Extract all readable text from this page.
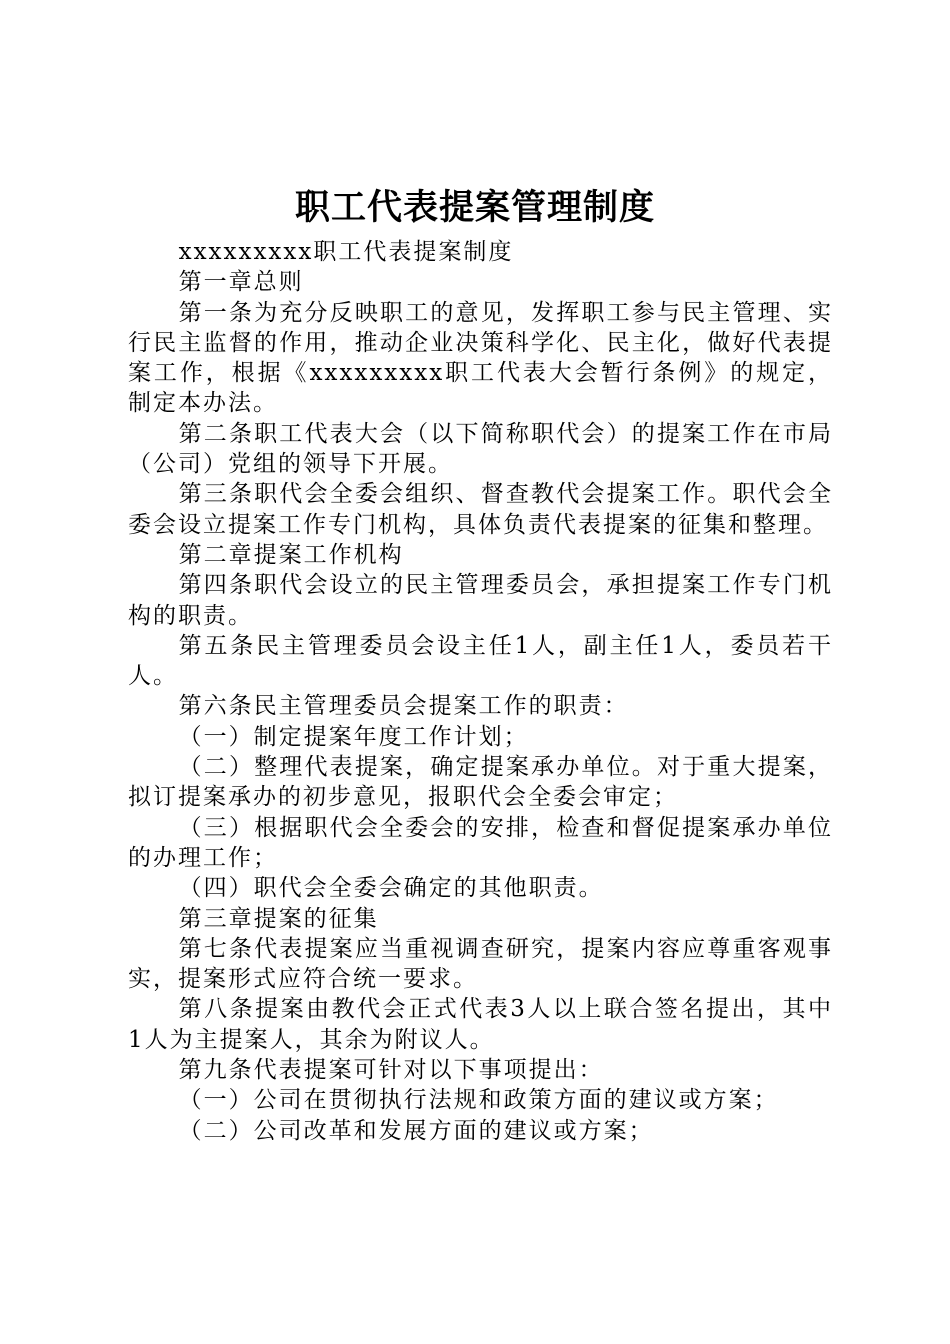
职工代表提案管理制度

xxxxxxxxx职工代表提案制度

第一章总则

第一条为充分反映职工的意见，发挥职工参与民主管理、实行民主监督的作用，推动企业决策科学化、民主化，做好代表提案工作，根据《xxxxxxxxx职工代表大会暂行条例》的规定，制定本办法。

第二条职工代表大会（以下简称职代会）的提案工作在市局（公司）党组的领导下开展。

第三条职代会全委会组织、督查教代会提案工作。职代会全委会设立提案工作专门机构，具体负责代表提案的征集和整理。

第二章提案工作机构

第四条职代会设立的民主管理委员会，承担提案工作专门机构的职责。

第五条民主管理委员会设主任1人，副主任1人，委员若干人。

第六条民主管理委员会提案工作的职责：

（一）制定提案年度工作计划；

（二）整理代表提案，确定提案承办单位。对于重大提案，拟订提案承办的初步意见，报职代会全委会审定；

（三）根据职代会全委会的安排，检查和督促提案承办单位的办理工作；

（四）职代会全委会确定的其他职责。

第三章提案的征集

第七条代表提案应当重视调查研究，提案内容应尊重客观事实，提案形式应符合统一要求。

第八条提案由教代会正式代表3人以上联合签名提出，其中1人为主提案人，其余为附议人。

第九条代表提案可针对以下事项提出：

（一）公司在贯彻执行法规和政策方面的建议或方案；

（二）公司改革和发展方面的建议或方案；
